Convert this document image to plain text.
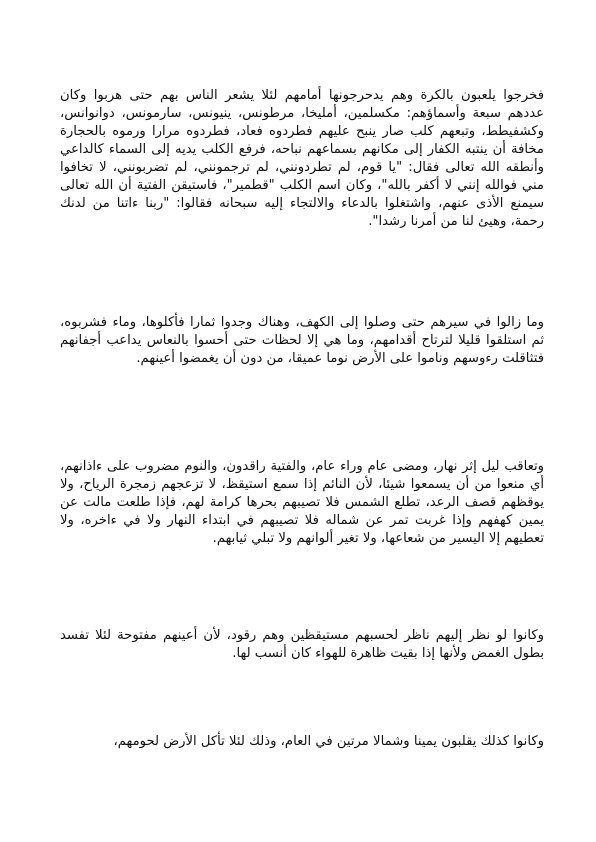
فخرجوا يلعبون بالكرة وهم يدحرجونها أمامهم لئلا يشعر الناس بهم حتى هربوا وكان عددهم سبعة وأسماؤهم: مكسلمين، أمليخا، مرطونس، ينيونس، سارمونس، دوانوانس، وكشفيطط، وتبعهم كلب صار ينبح عليهم فطردوه فعاد، فطردوه مرارا ورموه بالحجارة مخافة أن ينتبه الكفار إلى مكانهم بسماعهم نباحه، فرفع الكلب يديه إلى السماء كالداعي وأنطقه الله تعالى فقال: "يا قوم، لم تطردونني، لم ترجمونني، لم تضربونني، لا تخافوا مني فوالله إنني لا أكفر بالله"، وكان اسم الكلب "قطمير"، فاستيقن الفتية أن الله تعالى سيمنع الأذى عنهم، واشتغلوا بالدعاء والالتجاء إليه سبحانه فقالوا: "ربنا ءاتنا من لدنك رحمة، وهيئ لنا من أمرنا رشدا".

وما زالوا في سيرهم حتى وصلوا إلى الكهف، وهناك وجدوا ثمارا فأكلوها، وماء فشربوه، ثم استلقوا قليلا لترتاح أقدامهم، وما هي إلا لحظات حتى أحسوا بالنعاس يداعب أجفانهم فتثاقلت رءوسهم وناموا على الأرض نوما عميقا، من دون أن يغمضوا أعينهم.

وتعاقب ليل إثر نهار، ومضى عام وراء عام، والفتية راقدون، والنوم مضروب على ءاذانهم، أي منعوا من أن يسمعوا شيئا، لأن النائم إذا سمع استيقظ، لا تزعجهم زمجرة الرياح، ولا يوقظهم قصف الرعد، تطلع الشمس فلا تصيبهم بحرها كرامة لهم، فإذا طلعت مالت عن يمين كهفهم وإذا غربت تمر عن شماله فلا تصيبهم في ابتداء النهار ولا في ءاخره، ولا تعطيهم إلا اليسير من شعاعها، ولا تغير ألوانهم ولا تبلي ثيابهم.

وكانوا لو نظر إليهم ناظر لحسبهم مستيقظين وهم رقود، لأن أعينهم مفتوحة لئلا تفسد بطول الغمض ولأنها إذا بقيت ظاهرة للهواء كان أنسب لها.

وكانوا كذلك يقلبون يمينا وشمالا مرتين في العام، وذلك لئلا تأكل الأرض لحومهم،
